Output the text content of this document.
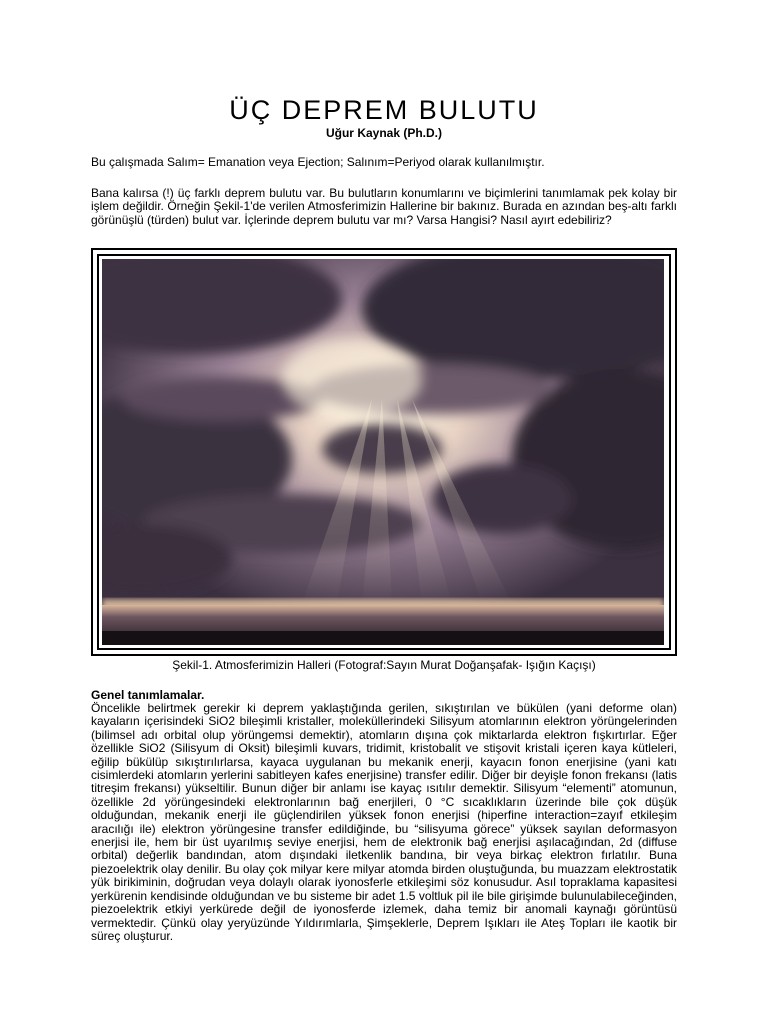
ÜÇ DEPREM BULUTU
Uğur Kaynak (Ph.D.)
Bu çalışmada Salım= Emanation veya Ejection; Salınım=Periyod olarak kullanılmıştır.
Bana kalırsa (!) üç farklı deprem bulutu var. Bu bulutların konumlarını ve biçimlerini tanımlamak pek kolay bir işlem değildir. Örneğin Şekil-1'de verilen Atmosferimizin Hallerine bir bakınız. Burada en azından beş-altı farklı görünüşlü (türden) bulut var. İçlerinde deprem bulutu var mı? Varsa Hangisi? Nasıl ayırt edebiliriz?
Şekil-1. Atmosferimizin Halleri (Fotograf:Sayın Murat Doğanşafak- Işığın Kaçışı)
Genel tanımlamalar.
Öncelikle belirtmek gerekir ki deprem yaklaştığında gerilen, sıkıştırılan ve bükülen (yani deforme olan) kayaların içerisindeki SiO2 bileşimli kristaller, moleküllerindeki Silisyum atomlarının elektron yörüngelerinden (bilimsel adı orbital olup yörüngemsi demektir), atomların dışına çok miktarlarda elektron fışkırtırlar. Eğer özellikle SiO2 (Silisyum di Oksit) bileşimli kuvars, tridimit, kristobalit ve stişovit kristali içeren kaya kütleleri, eğilip bükülüp sıkıştırılırlarsa, kayaca uygulanan bu mekanik enerji, kayacın fonon enerjisine (yani katı cisimlerdeki atomların yerlerini sabitleyen kafes enerjisine) transfer edilir. Diğer bir deyişle fonon frekansı (latis titreşim frekansı) yükseltilir. Bunun diğer bir anlamı ise kayaç ısıtılır demektir. Silisyum “elementi” atomunun, özellikle 2d yörüngesindeki elektronlarının bağ enerjileri, 0 °C sıcaklıkların üzerinde bile çok düşük olduğundan, mekanik enerji ile güçlendirilen yüksek fonon enerjisi (hiperfine interaction=zayıf etkileşim aracılığı ile) elektron yörüngesine transfer edildiğinde, bu “silisyuma görece” yüksek sayılan deformasyon enerjisi ile, hem bir üst uyarılmış seviye enerjisi, hem de elektronik bağ enerjisi aşılacağından, 2d (diffuse orbital) değerlik bandından, atom dışındaki iletkenlik bandına, bir veya birkaç elektron fırlatılır. Buna piezoelektrik olay denilir. Bu olay çok milyar kere milyar atomda birden oluştuğunda, bu muazzam elektrostatik yük birikiminin, doğrudan veya dolaylı olarak iyonosferle etkileşimi söz konusudur. Asıl topraklama kapasitesi yerkürenin kendisinde olduğundan ve bu sisteme bir adet 1.5 voltluk pil ile bile girişimde bulunulabileceğinden, piezoelektrik etkiyi yerkürede değil de iyonosferde izlemek, daha temiz bir anomali kaynağı görüntüsü vermektedir. Çünkü olay yeryüzünde Yıldırımlarla, Şimşeklerle, Deprem Işıkları ile Ateş Topları ile kaotik bir süreç oluşturur.
